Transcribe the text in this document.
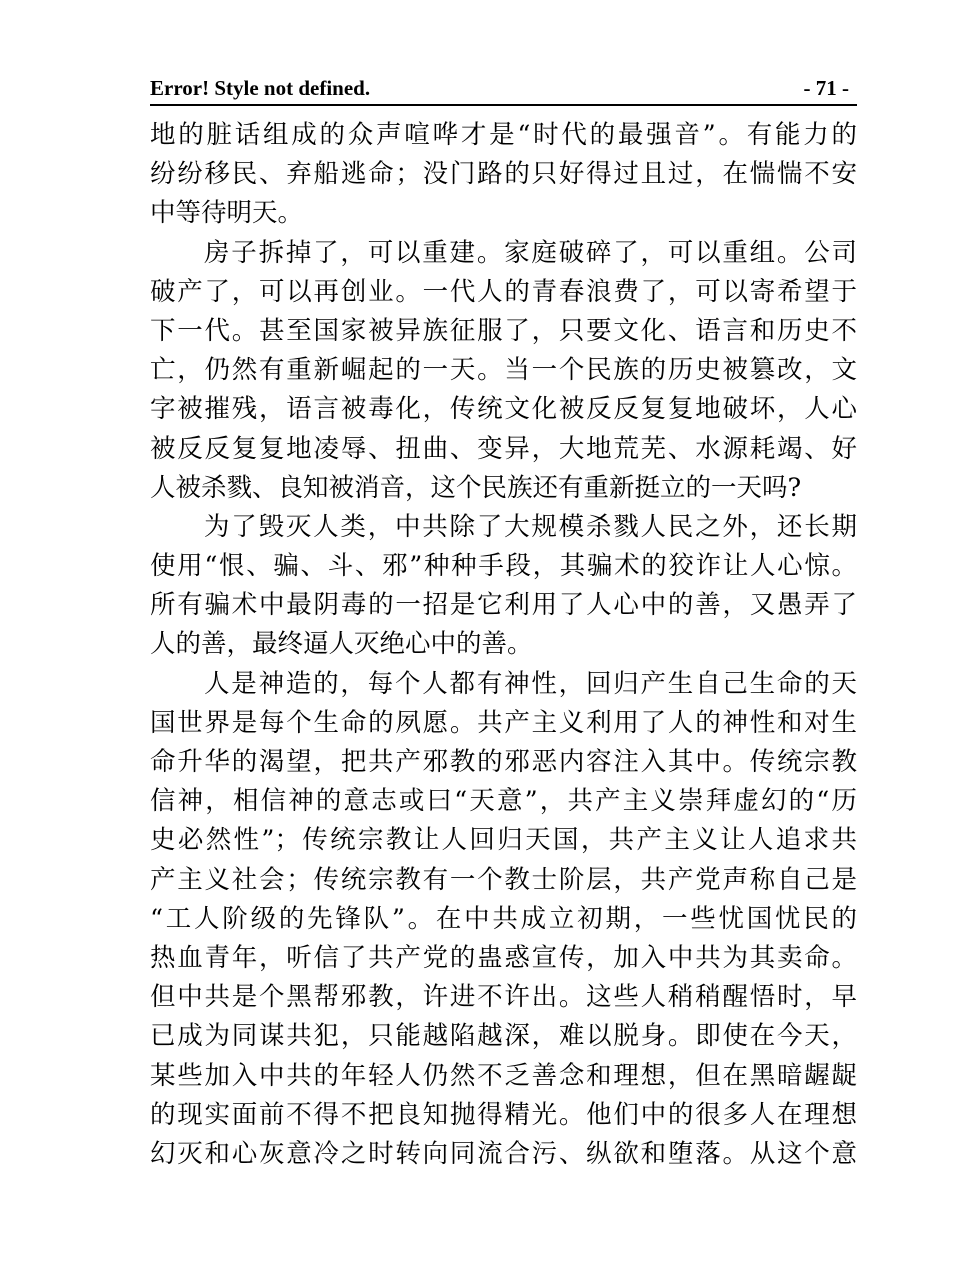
Error! Style not defined.	- 71 -
地的脏话组成的众声喧哗才是“时代的最强音”。有能力的
纷纷移民、弃船逃命；没门路的只好得过且过，在惴惴不安
中等待明天。
房子拆掉了，可以重建。家庭破碎了，可以重组。公司
破产了，可以再创业。一代人的青春浪费了，可以寄希望于
下一代。甚至国家被异族征服了，只要文化、语言和历史不
亡，仍然有重新崛起的一天。当一个民族的历史被篡改，文
字被摧残，语言被毒化，传统文化被反反复复地破坏，人心
被反反复复地凌辱、扭曲、变异，大地荒芜、水源耗竭、好
人被杀戮、良知被消音，这个民族还有重新挺立的一天吗?
为了毁灭人类，中共除了大规模杀戮人民之外，还长期
使用“恨、骗、斗、邪”种种手段，其骗术的狡诈让人心惊。
所有骗术中最阴毒的一招是它利用了人心中的善，又愚弄了
人的善，最终逼人灭绝心中的善。
人是神造的，每个人都有神性，回归产生自己生命的天
国世界是每个生命的夙愿。共产主义利用了人的神性和对生
命升华的渴望，把共产邪教的邪恶内容注入其中。传统宗教
信神，相信神的意志或曰“天意”，共产主义崇拜虚幻的“历
史必然性”；传统宗教让人回归天国，共产主义让人追求共
产主义社会；传统宗教有一个教士阶层，共产党声称自己是
“工人阶级的先锋队”。在中共成立初期，一些忧国忧民的
热血青年，听信了共产党的蛊惑宣传，加入中共为其卖命。
但中共是个黑帮邪教，许进不许出。这些人稍稍醒悟时，早
已成为同谋共犯，只能越陷越深，难以脱身。即使在今天，
某些加入中共的年轻人仍然不乏善念和理想，但在黑暗龌龊
的现实面前不得不把良知抛得精光。他们中的很多人在理想
幻灭和心灰意冷之时转向同流合污、纵欲和堕落。从这个意
